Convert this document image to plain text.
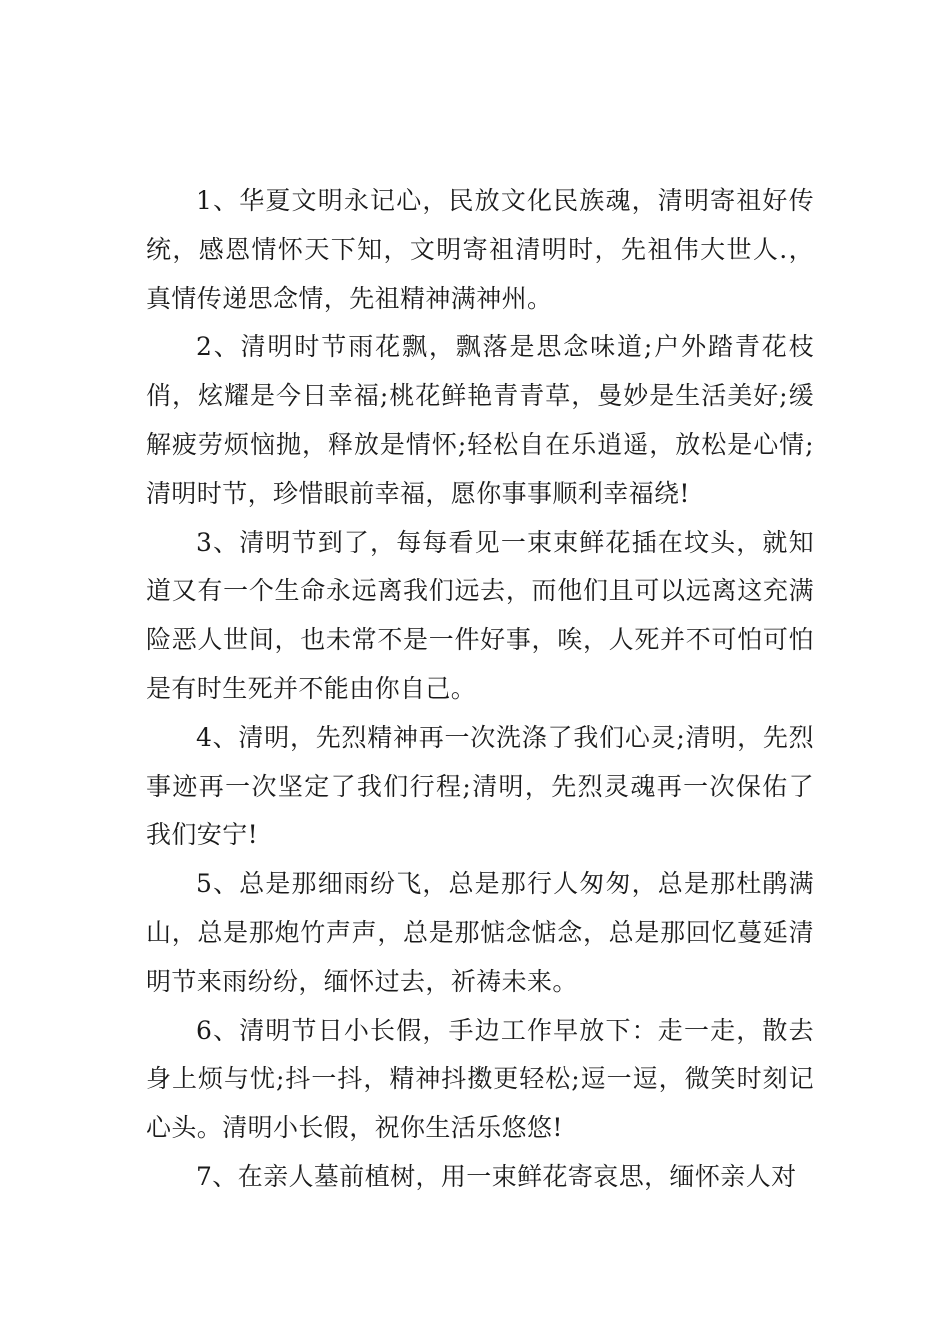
1、华夏文明永记心，民放文化民族魂，清明寄祖好传统，感恩情怀天下知，文明寄祖清明时，先祖伟大世人.，真情传递思念情，先祖精神满神州。

2、清明时节雨花飘，飘落是思念味道;户外踏青花枝俏，炫耀是今日幸福;桃花鲜艳青青草，曼妙是生活美好;缓解疲劳烦恼抛，释放是情怀;轻松自在乐逍遥，放松是心情;清明时节，珍惜眼前幸福，愿你事事顺利幸福绕!

3、清明节到了，每每看见一束束鲜花插在坟头，就知道又有一个生命永远离我们远去，而他们且可以远离这充满险恶人世间，也未常不是一件好事，唉，人死并不可怕可怕是有时生死并不能由你自己。

4、清明，先烈精神再一次洗涤了我们心灵;清明，先烈事迹再一次坚定了我们行程;清明，先烈灵魂再一次保佑了我们安宁!

5、总是那细雨纷飞，总是那行人匆匆，总是那杜鹃满山，总是那炮竹声声，总是那惦念惦念，总是那回忆蔓延清明节来雨纷纷，缅怀过去，祈祷未来。

6、清明节日小长假，手边工作早放下：走一走，散去身上烦与忧;抖一抖，精神抖擞更轻松;逗一逗，微笑时刻记心头。清明小长假，祝你生活乐悠悠!

7、在亲人墓前植树，用一束鲜花寄哀思，缅怀亲人对
